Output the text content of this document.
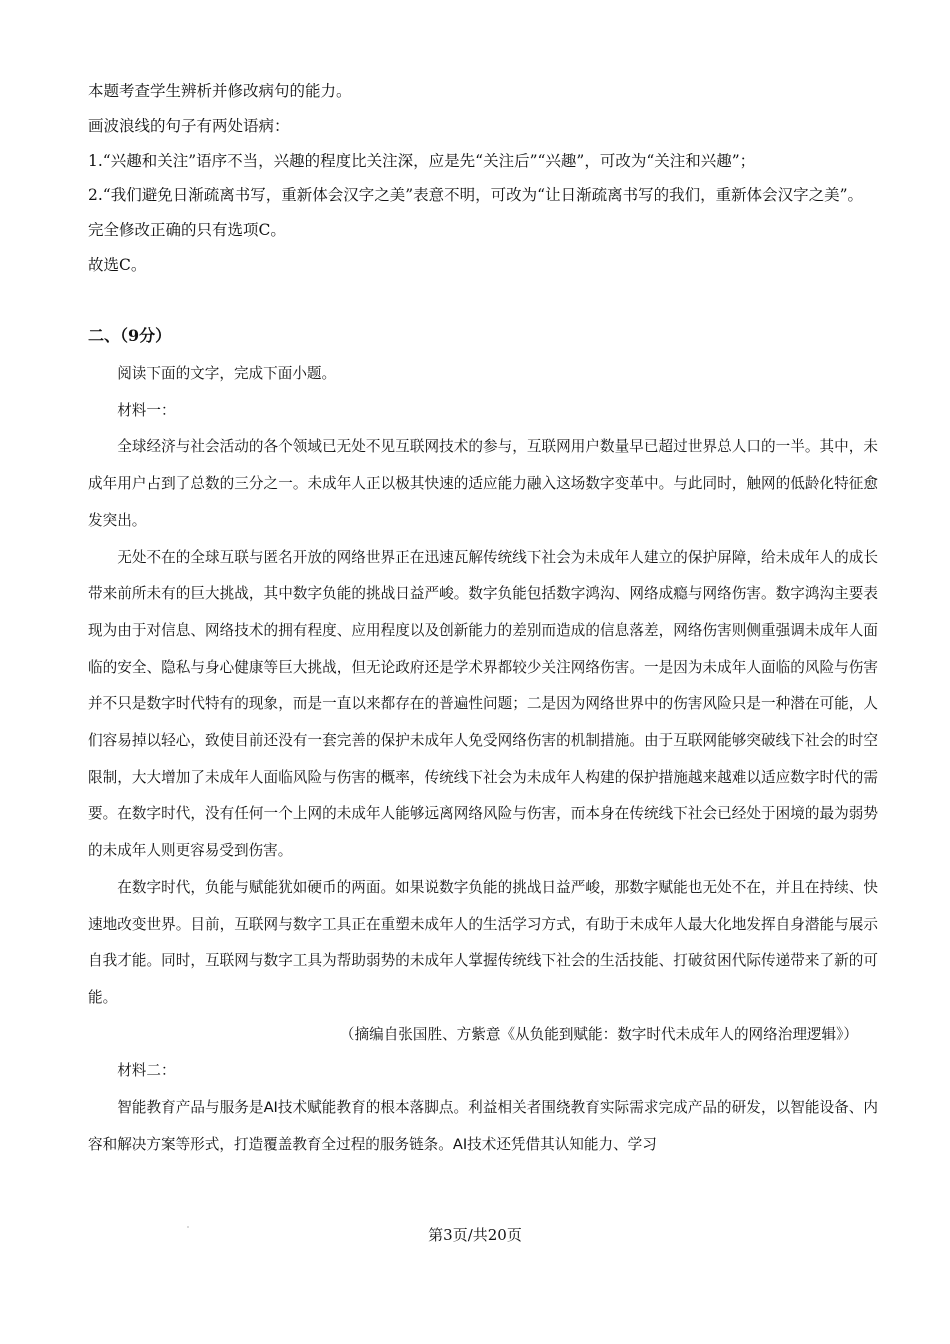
本题考查学生辨析并修改病句的能力。

画波浪线的句子有两处语病：

1.“兴趣和关注”语序不当，兴趣的程度比关注深，应是先“关注后”“兴趣”，可改为“关注和兴趣”；

2.“我们避免日渐疏离书写，重新体会汉字之美”表意不明，可改为“让日渐疏离书写的我们，重新体会汉字之美”。

完全修改正确的只有选项C。

故选C。

二、（9分）

阅读下面的文字，完成下面小题。

材料一：

全球经济与社会活动的各个领域已无处不见互联网技术的参与，互联网用户数量早已超过世界总人口的一半。其中，未成年用户占到了总数的三分之一。未成年人正以极其快速的适应能力融入这场数字变革中。与此同时，触网的低龄化特征愈发突出。

无处不在的全球互联与匿名开放的网络世界正在迅速瓦解传统线下社会为未成年人建立的保护屏障，给未成年人的成长带来前所未有的巨大挑战，其中数字负能的挑战日益严峻。数字负能包括数字鸿沟、网络成瘾与网络伤害。数字鸿沟主要表现为由于对信息、网络技术的拥有程度、应用程度以及创新能力的差别而造成的信息落差，网络伤害则侧重强调未成年人面临的安全、隐私与身心健康等巨大挑战，但无论政府还是学术界都较少关注网络伤害。一是因为未成年人面临的风险与伤害并不只是数字时代特有的现象，而是一直以来都存在的普遍性问题；二是因为网络世界中的伤害风险只是一种潜在可能，人们容易掉以轻心，致使目前还没有一套完善的保护未成年人免受网络伤害的机制措施。由于互联网能够突破线下社会的时空限制，大大增加了未成年人面临风险与伤害的概率，传统线下社会为未成年人构建的保护措施越来越难以适应数字时代的需要。在数字时代，没有任何一个上网的未成年人能够远离网络风险与伤害，而本身在传统线下社会已经处于困境的最为弱势的未成年人则更容易受到伤害。

在数字时代，负能与赋能犹如硬币的两面。如果说数字负能的挑战日益严峻，那数字赋能也无处不在，并且在持续、快速地改变世界。目前，互联网与数字工具正在重塑未成年人的生活学习方式，有助于未成年人最大化地发挥自身潜能与展示自我才能。同时，互联网与数字工具为帮助弱势的未成年人掌握传统线下社会的生活技能、打破贫困代际传递带来了新的可能。

（摘编自张国胜、方紫意《从负能到赋能：数字时代未成年人的网络治理逻辑》）

材料二：

智能教育产品与服务是AI技术赋能教育的根本落脚点。利益相关者围绕教育实际需求完成产品的研发，以智能设备、内容和解决方案等形式，打造覆盖教育全过程的服务链条。AI技术还凭借其认知能力、学习

第3页/共20页
